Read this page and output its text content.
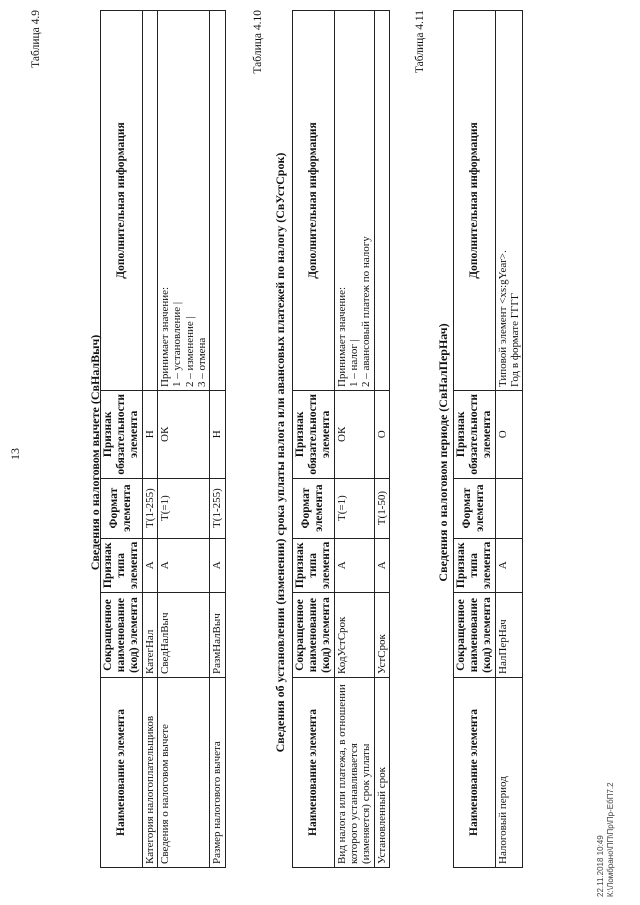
13
22.11.2018 10:49 К:\Ломбрано\ПП\Пр\Пр-ЕбП7.2
Таблица 4.9
Сведения о налоговом вычете (СвНалВыч)
Наименование элемента	Сокращенное наименование (код) элемента	Признак типа элемента	Формат элемента	Признак обязательности элемента	Дополнительная информация
Категория налогоплательщиков	КатегНал	А	T(1-255)	Н	
Сведения о налоговом вычете	СведНалВыч	А	T(=1)	ОК	Принимает значение:
1 – установление |
2 – изменение |
3 – отмена
Размер налогового вычета	РазмНалВыч	А	T(1-255)	Н	
Таблица 4.10
Сведения об установлении (изменении) срока уплаты налога или авансовых платежей по налогу (СвУстСрок)
Наименование элемента	Сокращенное наименование (код) элемента	Признак типа элемента	Формат элемента	Признак обязательности элемента	Дополнительная информация
Вид налога или платежа, в отношении которого устанавливается (изменяется) срок уплаты	КодУстСрок	А	T(=1)	ОК	Принимает значение:
1 – налог |
2 – авансовый платеж по налогу
Установленный срок	УстСрок	А	T(1-50)	О	
Таблица 4.11
Сведения о налоговом периоде (СвНалПерНач)
Наименование элемента	Сокращенное наименование (код) элемента	Признак типа элемента	Формат элемента	Признак обязательности элемента	Дополнительная информация
Налоговый период	НалПерНач	А		О	Типовой элемент <xs:gYear>.
Год в формате ГГГГ
